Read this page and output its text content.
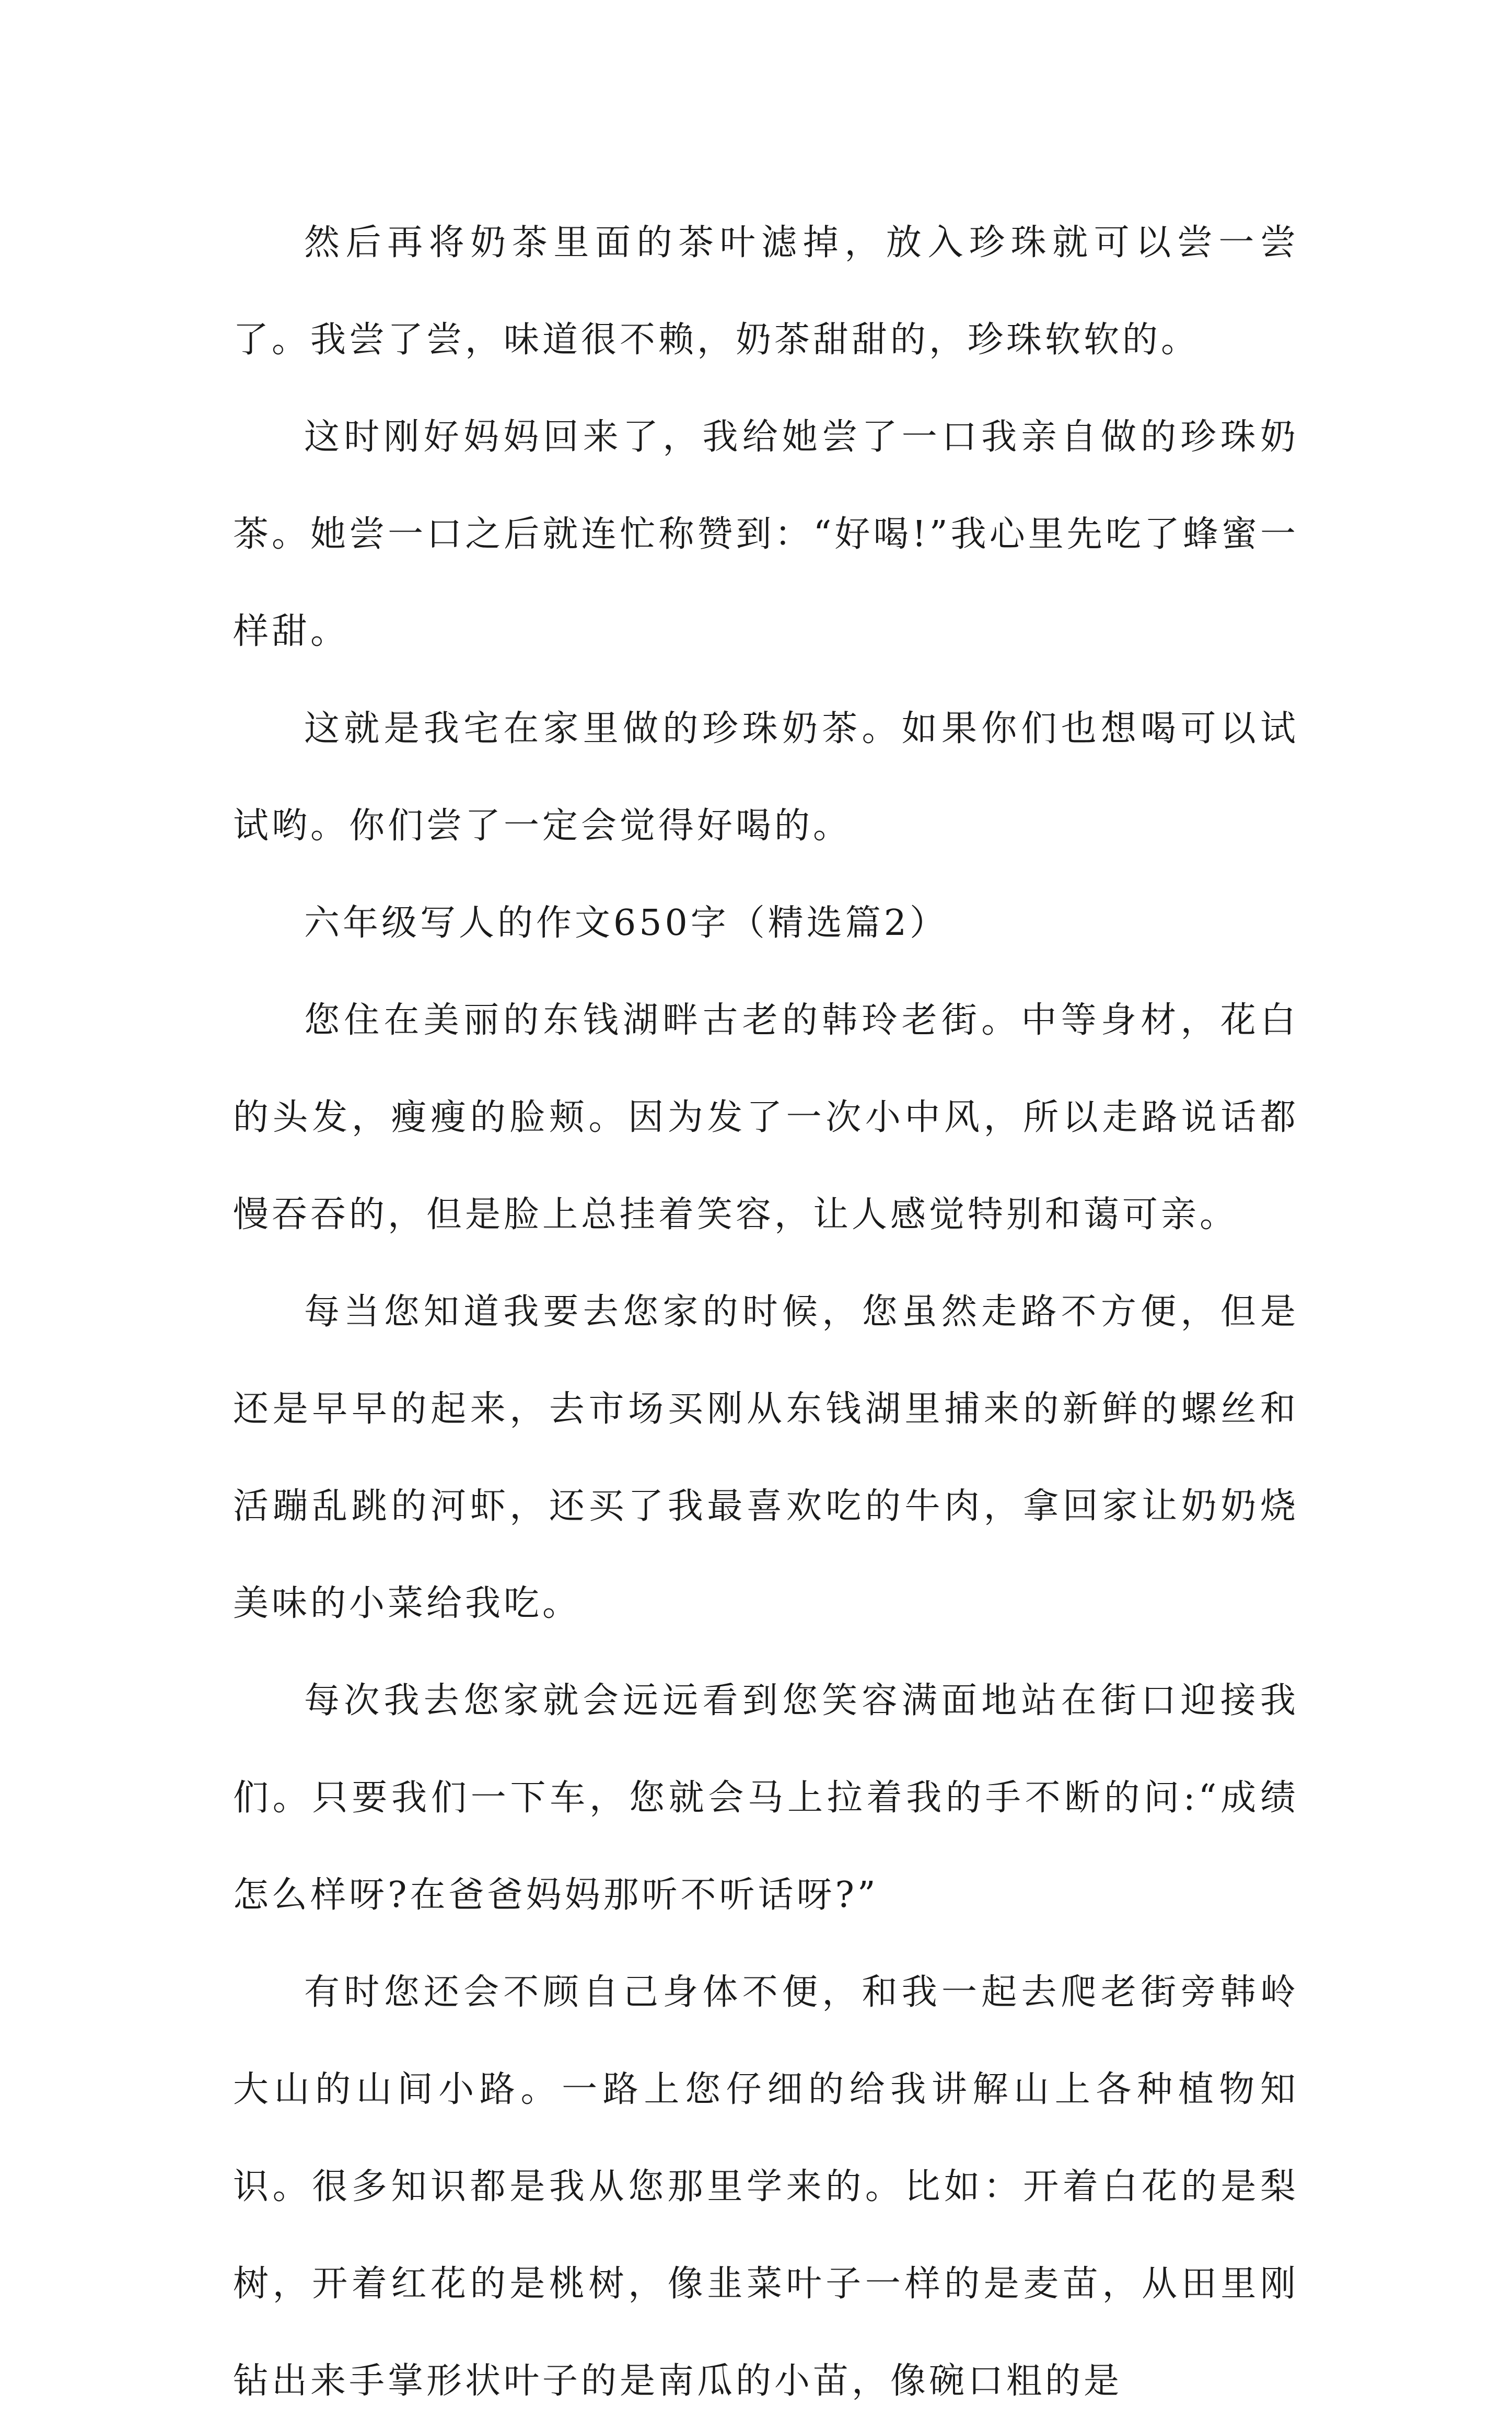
然后再将奶茶里面的茶叶滤掉，放入珍珠就可以尝一尝了。我尝了尝，味道很不赖，奶茶甜甜的，珍珠软软的。

这时刚好妈妈回来了，我给她尝了一口我亲自做的珍珠奶茶。她尝一口之后就连忙称赞到：“好喝!”我心里先吃了蜂蜜一样甜。

这就是我宅在家里做的珍珠奶茶。如果你们也想喝可以试试哟。你们尝了一定会觉得好喝的。

六年级写人的作文650字（精选篇2）

您住在美丽的东钱湖畔古老的韩玲老街。中等身材，花白的头发，瘦瘦的脸颊。因为发了一次小中风，所以走路说话都慢吞吞的，但是脸上总挂着笑容，让人感觉特别和蔼可亲。

每当您知道我要去您家的时候，您虽然走路不方便，但是还是早早的起来，去市场买刚从东钱湖里捕来的新鲜的螺丝和活蹦乱跳的河虾，还买了我最喜欢吃的牛肉，拿回家让奶奶烧美味的小菜给我吃。

每次我去您家就会远远看到您笑容满面地站在街口迎接我们。只要我们一下车，您就会马上拉着我的手不断的问:“成绩怎么样呀?在爸爸妈妈那听不听话呀?”

有时您还会不顾自己身体不便，和我一起去爬老街旁韩岭大山的山间小路。一路上您仔细的给我讲解山上各种植物知识。很多知识都是我从您那里学来的。比如：开着白花的是梨树，开着红花的是桃树，像韭菜叶子一样的是麦苗，从田里刚钻出来手掌形状叶子的是南瓜的小苗，像碗口粗的是
